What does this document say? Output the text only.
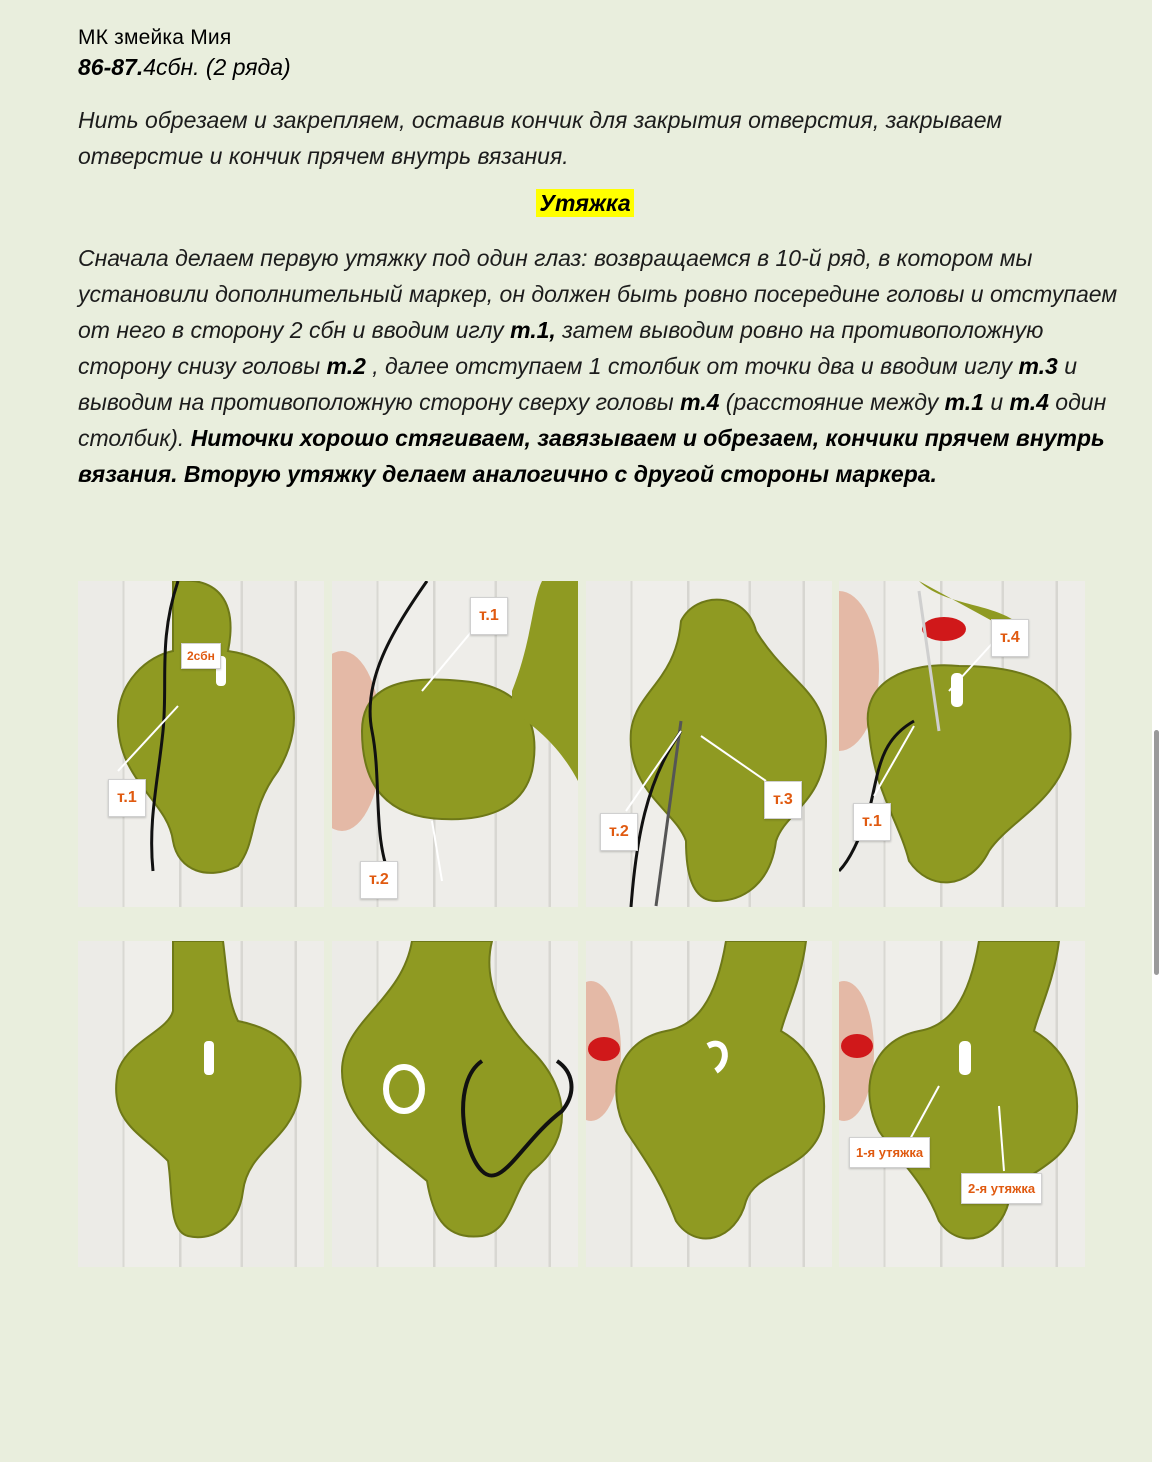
МК змейка Мия
86-87.4сбн. (2 ряда)
Нить обрезаем и закрепляем, оставив кончик для закрытия отверстия, закрываем отверстие и кончик прячем внутрь вязания.
Утяжка
Сначала делаем первую утяжку под один глаз: возвращаемся в 10-й ряд, в котором мы установили дополнительный маркер, он должен быть ровно посередине головы и отступаем от него в сторону 2 сбн и вводим иглу т.1, затем выводим ровно на противоположную сторону снизу головы т.2 , далее отступаем 1 столбик от точки два и вводим иглу т.3 и выводим на противоположную сторону сверху головы т.4 (расстояние между т.1 и т.4 один столбик). Ниточки хорошо стягиваем, завязываем и обрезаем, кончики прячем внутрь вязания. Вторую утяжку делаем аналогично с другой стороны маркера.
2сбн
т.1
т.1
т.2
т.2
т.3
т.4
т.1
1-я утяжка
2-я утяжка
